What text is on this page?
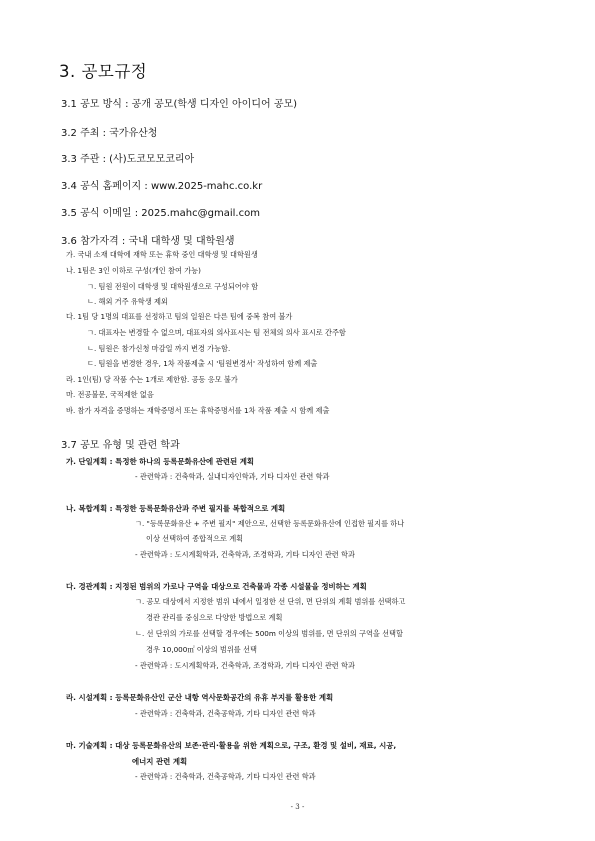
3. 공모규정
3.1 공모 방식 : 공개 공모(학생 디자인 아이디어 공모)
3.2 주최 : 국가유산청
3.3 주관 : (사)도코모모코리아
3.4 공식 홈페이지 : www.2025-mahc.co.kr
3.5 공식 이메일 : 2025.mahc@gmail.com
3.6 참가자격 : 국내 대학생 및 대학원생
가. 국내 소재 대학에 재학 또는 휴학 중인 대학생 및 대학원생
나. 1팀은 3인 이하로 구성(개인 참여 가능)
ㄱ. 팀원 전원이 대학생 및 대학원생으로 구성되어야 함
ㄴ. 해외 거주 유학생 제외
다. 1팀 당 1명의 대표를 선정하고 팀의 일원은 다른 팀에 중복 참여 불가
ㄱ. 대표자는 변경할 수 없으며, 대표자의 의사표시는 팀 전체의 의사 표시로 간주함
ㄴ. 팀원은 참가신청 마감일 까지 변경 가능함.
ㄷ. 팀원을 변경한 경우, 1차 작품제출 시 '팀원변경서' 작성하여 함께 제출
라. 1인(팀) 당 작품 수는 1개로 제한함. 공동 응모 불가
마. 전공불문, 국적제한 없음
바. 참가 자격을 증명하는 재학증명서 또는 휴학증명서를 1차 작품 제출 시 함께 제출
3.7 공모 유형 및 관련 학과
가. 단일계획 : 특정한 하나의 등록문화유산에 관련된 계획
- 관련학과 : 건축학과, 실내디자인학과, 기타 디자인 관련 학과
나. 복합계획 : 특정한 등록문화유산과 주변 필지를 복합적으로 계획
ㄱ. "등록문화유산 + 주변 필지" 제안으로, 선택한 등록문화유산에 인접한 필지를 하나
이상 선택하여 종합적으로 계획
- 관련학과 : 도시계획학과, 건축학과, 조경학과, 기타 디자인 관련 학과
다. 경관계획 : 지정된 범위의 가로나 구역을 대상으로 건축물과 각종 시설물을 정비하는 계획
ㄱ. 공모 대상에서 지정한 범위 내에서 일정한 선 단위, 면 단위의 계획 범위를 선택하고
경관 관리를 중심으로 다양한 방법으로 계획
ㄴ. 선 단위의 가로를 선택할 경우에는 500m 이상의 범위를, 면 단위의 구역을 선택할
경우 10,000㎡ 이상의 범위를 선택
- 관련학과 : 도시계획학과, 건축학과, 조경학과, 기타 디자인 관련 학과
라. 시설계획 : 등록문화유산인 군산 내항 역사문화공간의 유휴 부지를 활용한 계획
- 관련학과 : 건축학과, 건축공학과, 기타 디자인 관련 학과
마. 기술계획 : 대상 등록문화유산의 보존·관리·활용을 위한 계획으로, 구조, 환경 및 설비, 재료, 시공,
에너지 관련 계획
- 관련학과 : 건축학과, 건축공학과, 기타 디자인 관련 학과
- 3 -
